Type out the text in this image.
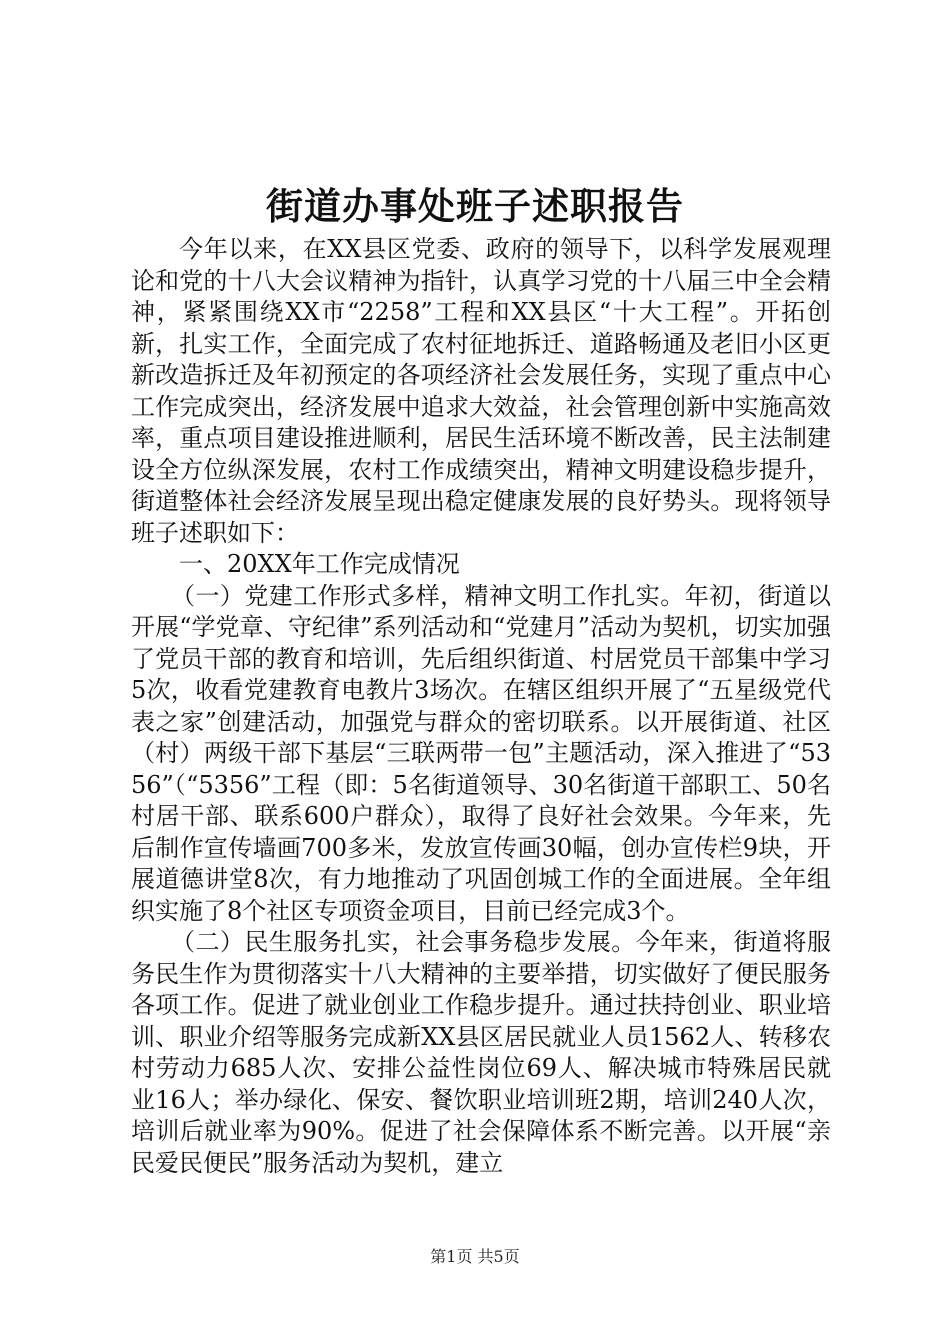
街道办事处班子述职报告

今年以来，在XX县区党委、政府的领导下，以科学发展观理论和党的十八大会议精神为指针，认真学习党的十八届三中全会精神，紧紧围绕XX市“2258”工程和XX县区“十大工程”。开拓创新，扎实工作，全面完成了农村征地拆迁、道路畅通及老旧小区更新改造拆迁及年初预定的各项经济社会发展任务，实现了重点中心工作完成突出，经济发展中追求大效益，社会管理创新中实施高效率，重点项目建设推进顺利，居民生活环境不断改善，民主法制建设全方位纵深发展，农村工作成绩突出，精神文明建设稳步提升，街道整体社会经济发展呈现出稳定健康发展的良好势头。现将领导班子述职如下：

一、20XX年工作完成情况

（一）党建工作形式多样，精神文明工作扎实。年初，街道以开展“学党章、守纪律”系列活动和“党建月”活动为契机，切实加强了党员干部的教育和培训，先后组织街道、村居党员干部集中学习5次，收看党建教育电教片3场次。在辖区组织开展了“五星级党代表之家”创建活动，加强党与群众的密切联系。以开展街道、社区（村）两级干部下基层“三联两带一包”主题活动，深入推进了“5356”（“5356”工程（即：5名街道领导、30名街道干部职工、50名村居干部、联系600户群众），取得了良好社会效果。今年来，先后制作宣传墙画700多米，发放宣传画30幅，创办宣传栏9块，开展道德讲堂8次，有力地推动了巩固创城工作的全面进展。全年组织实施了8个社区专项资金项目，目前已经完成3个。

（二）民生服务扎实，社会事务稳步发展。今年来，街道将服务民生作为贯彻落实十八大精神的主要举措，切实做好了便民服务各项工作。促进了就业创业工作稳步提升。通过扶持创业、职业培训、职业介绍等服务完成新XX县区居民就业人员1562人、转移农村劳动力685人次、安排公益性岗位69人、解决城市特殊居民就业16人；举办绿化、保安、餐饮职业培训班2期，培训240人次，培训后就业率为90%。促进了社会保障体系不断完善。以开展“亲民爱民便民”服务活动为契机，建立

第1页 共5页
